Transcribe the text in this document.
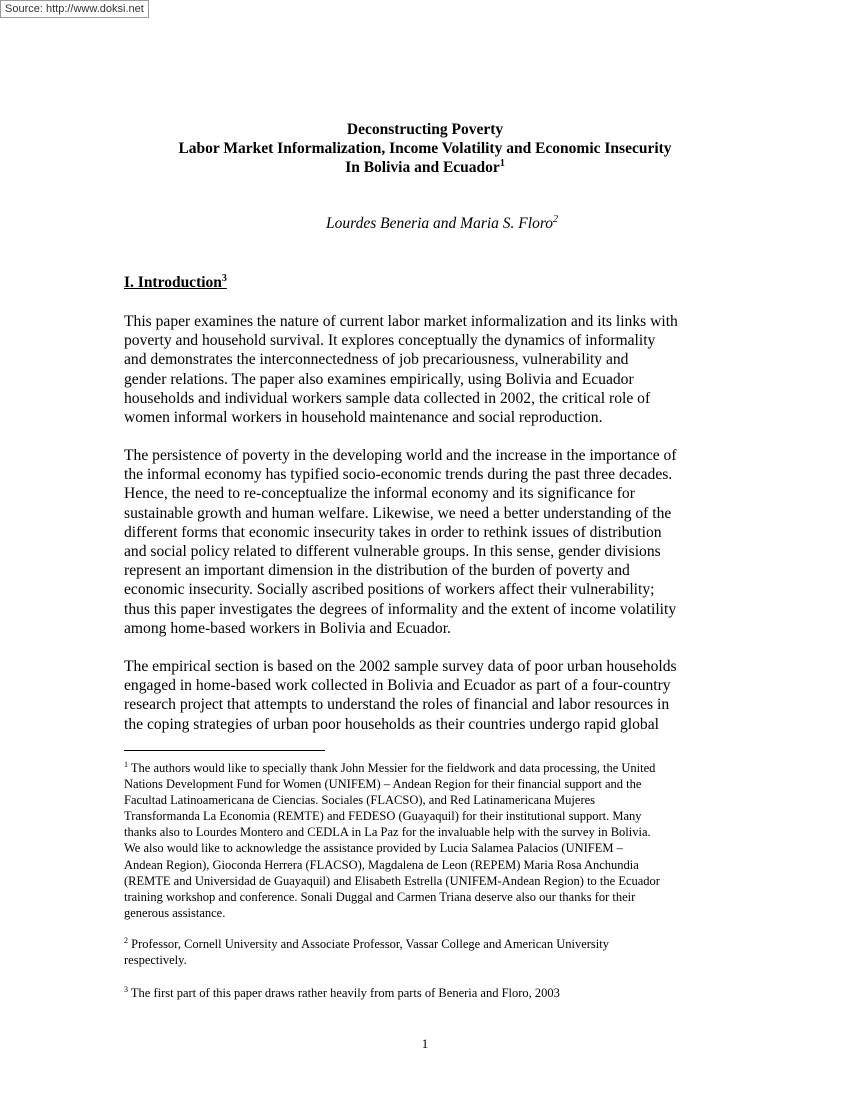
Source: http://www.doksi.net
Deconstructing Poverty
Labor Market Informalization, Income Volatility and Economic Insecurity
In Bolivia and Ecuador$^1$
Lourdes Beneria and Maria S. Floro$^2$
I. Introduction$^3$
This paper examines the nature of current labor market informalization and its links with
poverty and household survival. It explores conceptually the dynamics of informality
and demonstrates the interconnectedness of job precariousness, vulnerability and
gender relations. The paper also examines empirically, using Bolivia and Ecuador
households and individual workers sample data collected in 2002, the critical role of
women informal workers in household maintenance and social reproduction.
The persistence of poverty in the developing world and the increase in the importance of
the informal economy has typified socio-economic trends during the past three decades.
Hence, the need to re-conceptualize the informal economy and its significance for
sustainable growth and human welfare. Likewise, we need a better understanding of the
different forms that economic insecurity takes in order to rethink issues of distribution
and social policy related to different vulnerable groups. In this sense, gender divisions
represent an important dimension in the distribution of the burden of poverty and
economic insecurity. Socially ascribed positions of workers affect their vulnerability;
thus this paper investigates the degrees of informality and the extent of income volatility
among home-based workers in Bolivia and Ecuador.
The empirical section is based on the 2002 sample survey data of poor urban households
engaged in home-based work collected in Bolivia and Ecuador as part of a four-country
research project that attempts to understand the roles of financial and labor resources in
the coping strategies of urban poor households as their countries undergo rapid global
$^1$ The authors would like to specially thank John Messier for the fieldwork and data processing, the United
Nations Development Fund for Women (UNIFEM) – Andean Region for their financial support and the
Facultad Latinoamericana de Ciencias. Sociales (FLACSO), and Red Latinamericana Mujeres
Transformanda La Economia (REMTE) and FEDESO (Guayaquil) for their institutional support. Many
thanks also to Lourdes Montero and CEDLA in La Paz for the invaluable help with the survey in Bolivia.
We also would like to acknowledge the assistance provided by Lucia Salamea Palacios (UNIFEM –
Andean Region), Gioconda Herrera (FLACSO), Magdalena de Leon (REPEM) Maria Rosa Anchundia
(REMTE and Universidad de Guayaquil) and Elisabeth Estrella (UNIFEM-Andean Region) to the Ecuador
training workshop and conference. Sonali Duggal and Carmen Triana deserve also our thanks for their
generous assistance.
$^2$ Professor, Cornell University and Associate Professor, Vassar College and American University
respectively.
$^3$ The first part of this paper draws rather heavily from parts of Beneria and Floro, 2003
1
